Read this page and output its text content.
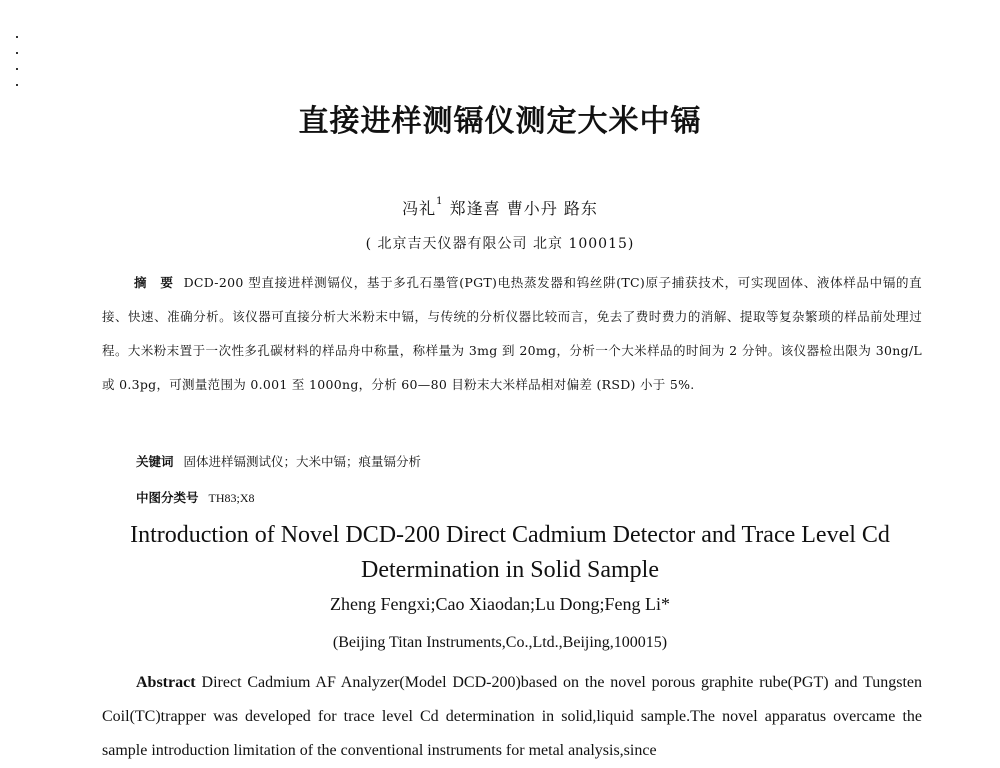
直接进样测镉仪测定大米中镉
冯礼$^1$ 郑逢喜 曹小丹 路东
( 北京吉天仪器有限公司 北京 100015)

摘　要 DCD-200 型直接进样测镉仪，基于多孔石墨管(PGT)电热蒸发器和钨丝阱(TC)原子捕获技术，可实现固体、液体样品中镉的直接、快速、准确分析。该仪器可直接分析大米粉末中镉，与传统的分析仪器比较而言，免去了费时费力的消解、提取等复杂繁琐的样品前处理过程。大米粉末置于一次性多孔碳材料的样品舟中称量，称样量为 3mg 到 20mg，分析一个大米样品的时间为 2 分钟。该仪器检出限为 30ng/L 或 0.3pg，可测量范围为 0.001 至 1000ng，分析 60—80 目粉末大米样品相对偏差 (RSD) 小于 5%.

关键词 固体进样镉测试仪；大米中镉；痕量镉分析
中图分类号 TH83;X8
Introduction of Novel DCD-200 Direct Cadmium Detector and Trace Level Cd Determination in Solid Sample
Zheng Fengxi;Cao Xiaodan;Lu Dong;Feng Li*
(Beijing Titan Instruments,Co.,Ltd.,Beijing,100015)

Abstract Direct Cadmium AF Analyzer(Model DCD-200)based on the novel porous graphite rube(PGT) and Tungsten Coil(TC)trapper was developed for trace level Cd determination in solid,liquid sample.The novel apparatus overcame the sample introduction limitation of the conventional instruments for metal analysis,since
